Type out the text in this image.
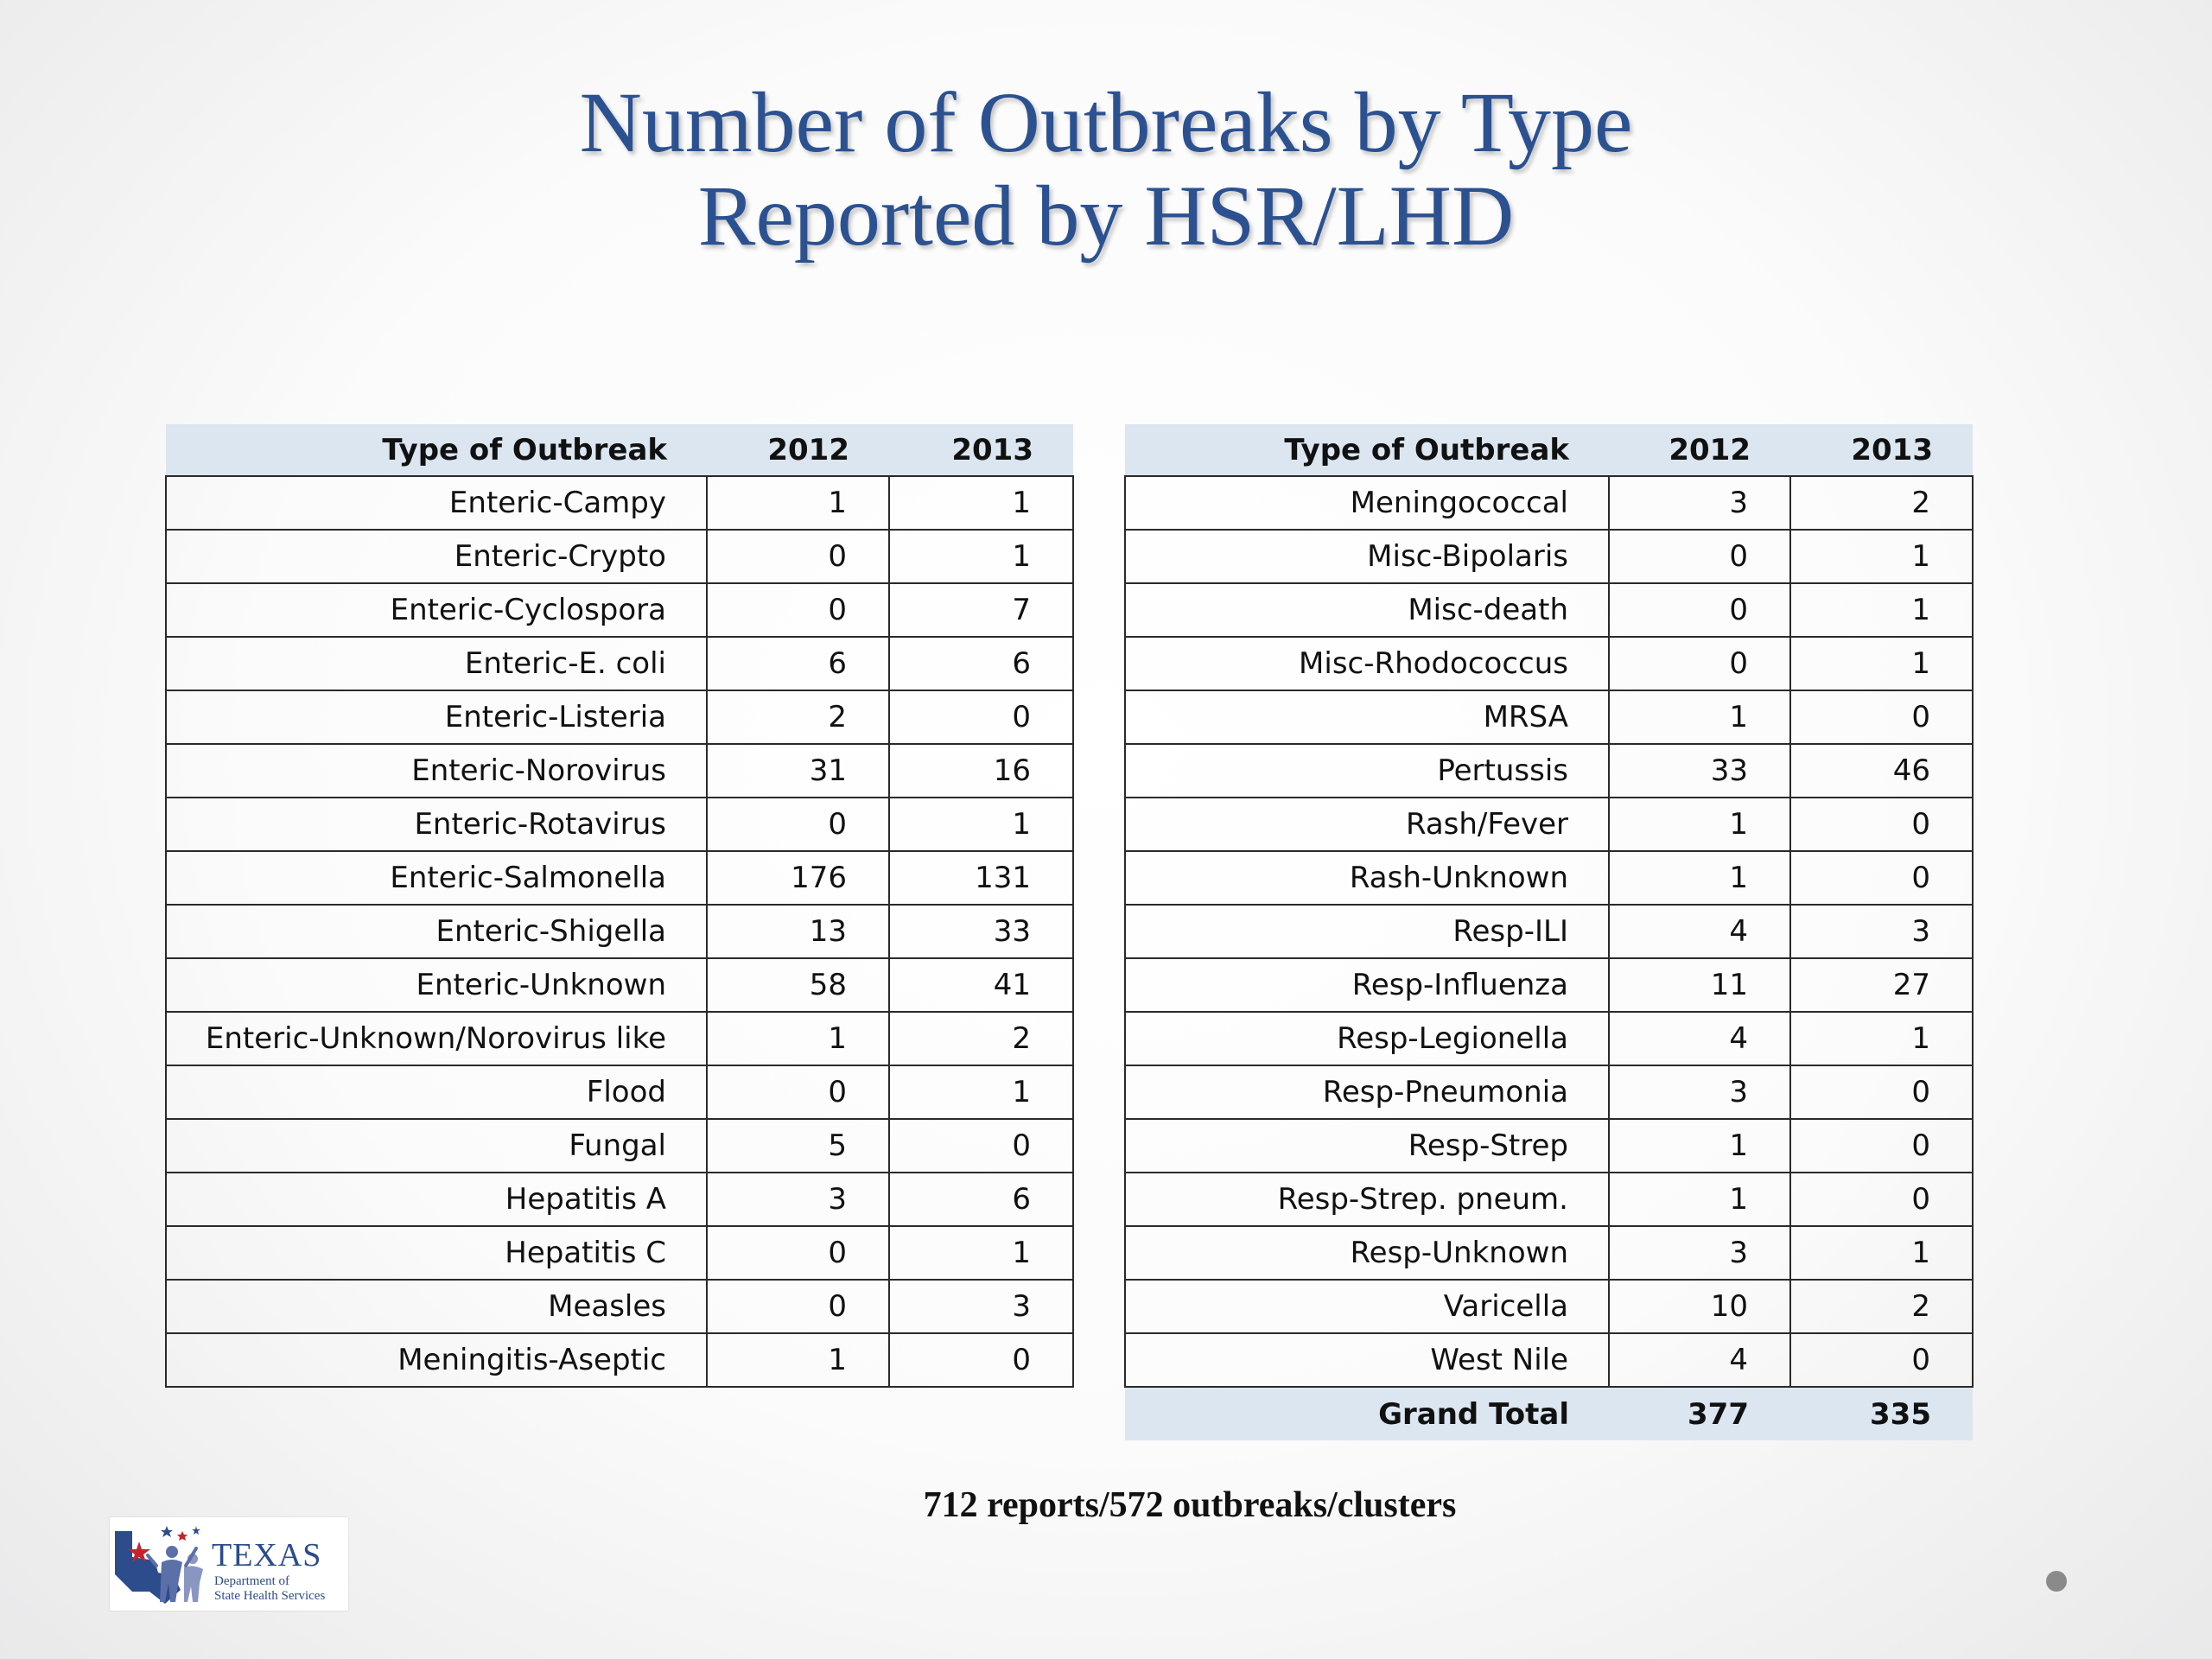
Number of Outbreaks by Type
Reported by HSR/LHD
Type of Outbreak	2012	2013
Enteric-Campy	1	1
Enteric-Crypto	0	1
Enteric-Cyclospora	0	7
Enteric-E. coli	6	6
Enteric-Listeria	2	0
Enteric-Norovirus	31	16
Enteric-Rotavirus	0	1
Enteric-Salmonella	176	131
Enteric-Shigella	13	33
Enteric-Unknown	58	41
Enteric-Unknown/Norovirus like	1	2
Flood	0	1
Fungal	5	0
Hepatitis A	3	6
Hepatitis C	0	1
Measles	0	3
Meningitis-Aseptic	1	0
Type of Outbreak	2012	2013
Meningococcal	3	2
Misc-Bipolaris	0	1
Misc-death	0	1
Misc-Rhodococcus	0	1
MRSA	1	0
Pertussis	33	46
Rash/Fever	1	0
Rash-Unknown	1	0
Resp-ILI	4	3
Resp-Influenza	11	27
Resp-Legionella	4	1
Resp-Pneumonia	3	0
Resp-Strep	1	0
Resp-Strep. pneum.	1	0
Resp-Unknown	3	1
Varicella	10	2
West Nile	4	0
Grand Total	377	335
712 reports/572 outbreaks/clusters
TEXAS
Department of
State Health Services
